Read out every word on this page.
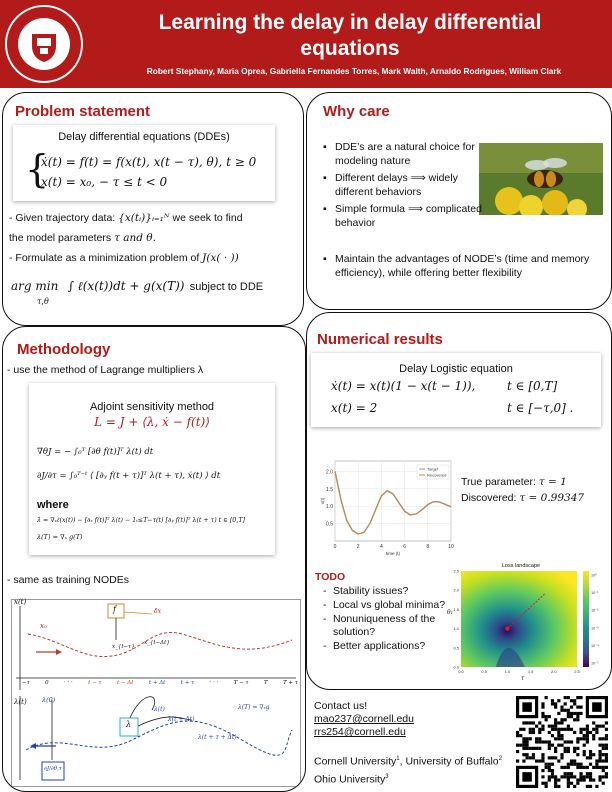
Learning the delay in delay differential
equations
Robert Stephany, Maria Oprea, Gabriella Fernandes Torres, Mark Walth, Arnaldo Rodrigues, William Clark
Problem statement
Delay differential equations (DDEs)
{
ẋ(t) = f(t) = f(x(t), x(t − τ), θ), t ≥ 0
x(t) = x₀, − τ ≤ t < 0
- Given trajectory data: {x(tᵢ)}ᵢ₌₁ᴺ we seek to find
the model parameters τ and θ.
- Formulate as a minimization problem of J(x( · ))
arg min ∫ ℓ(x(t))dt + g(x(T)) subject to DDE
τ,θ
Why care
▪ DDE’s are a natural choice for modeling nature
▪ Different delays ⟹ widely different behaviors
▪ Simple formula ⟹ complicated behavior
▪ Maintain the advantages of NODE’s (time and memory efficiency), while offering better flexibility
Methodology
- use the method of Lagrange multipliers λ
Adjoint sensitivity method
L = J + ⟨λ, ẋ − f(t)⟩
∇θJ = − ∫₀ᵀ [∂θ f(t)]ᵀ λ(t) dt
∂J/∂τ = ∫₀ᵀ⁻ᵗ ⟨ [∂ᵧ f(t + τ)]ᵀ λ(t + τ), ẋ(t) ⟩ dt
where
λ̇ = ∇ₓℓ(x(t)) − [∂ₓ f(t)]ᵀ λ(t) − 1ₜ≤T−τ(t) [∂ᵧ f(t)]ᵀ λ(t + τ) t ∈ [0,T]
λ(T) = ∇ₓ g(T)
- same as training NODEs
x(t)
λ(t)
x₀
f	δx
x_{t−τ}
x_{t−Δt}
−τ	0	· · ·	t − τ	t − Δt	t + Δt	t + τ	· · ·	T − τ	T	T + τ
λ(0)
λ
λ(t)
λ(t + Δt)
λ(t + τ + Δt)
λ(T) = ∇ₓg
∂J/∂θ,τ
Numerical results
Delay Logistic equation
ẋ(t) = x(t)(1 − x(t − 1)),	t ∈ [0,T]
x(t) = 2	t ∈ [−τ,0] .
0	2	4	6	8	10
0.5
1.0
1.5
2.0
Target
Recovered
time (t)
x(t)
True parameter: τ = 1
Discovered: τ = 0.99347
TODO
- Stability issues?
- Local vs global minima?
- Nonuniqueness of the solution?
- Better applications?
Loss landscape
θ₁
τ
0.0	0.5	1.0	1.5	2.0	2.5
0.0
0.5
1.0
1.5
2.0
2.5
10⁰
10⁻¹
10⁻²
10⁻³
10⁻⁴
10⁻⁵
Contact us!
mao237@cornell.edu
rrs254@cornell.edu
Cornell University$^1$, University of Buffalo$^2$
Ohio University$^3$
